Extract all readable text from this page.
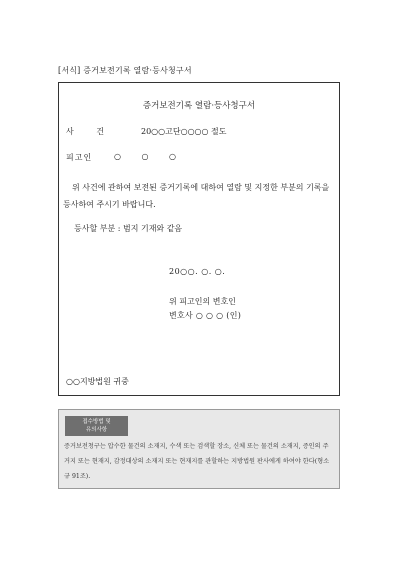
[서식] 증거보전기록 열람·등사청구서
증거보전기록 열람·등사청구서
사 건	20○○고단○○○○ 절도
피고인	○ ○ ○
위 사건에 관하여 보전된 증거기록에 대하여 열람 및 지정한 부분의 기록을 등사하여 주시기 바랍니다.
등사할 부분 : 범지 기재와 같음
20○○. ○. ○.
위 피고인의 변호인
변호사 ○ ○ ○ (인)
○○지방법원 귀중
접수방법 및
유의사항
증거보전청구는 압수한 물건의 소재지, 수색 또는 검색할 장소, 신체 또는 물건의 소재지, 증인의 주거지 또는 현재지, 감정대상의 소재지 또는 현재지를 관할하는 지방법원 판사에게 하여야 한다(형소규 91조).
